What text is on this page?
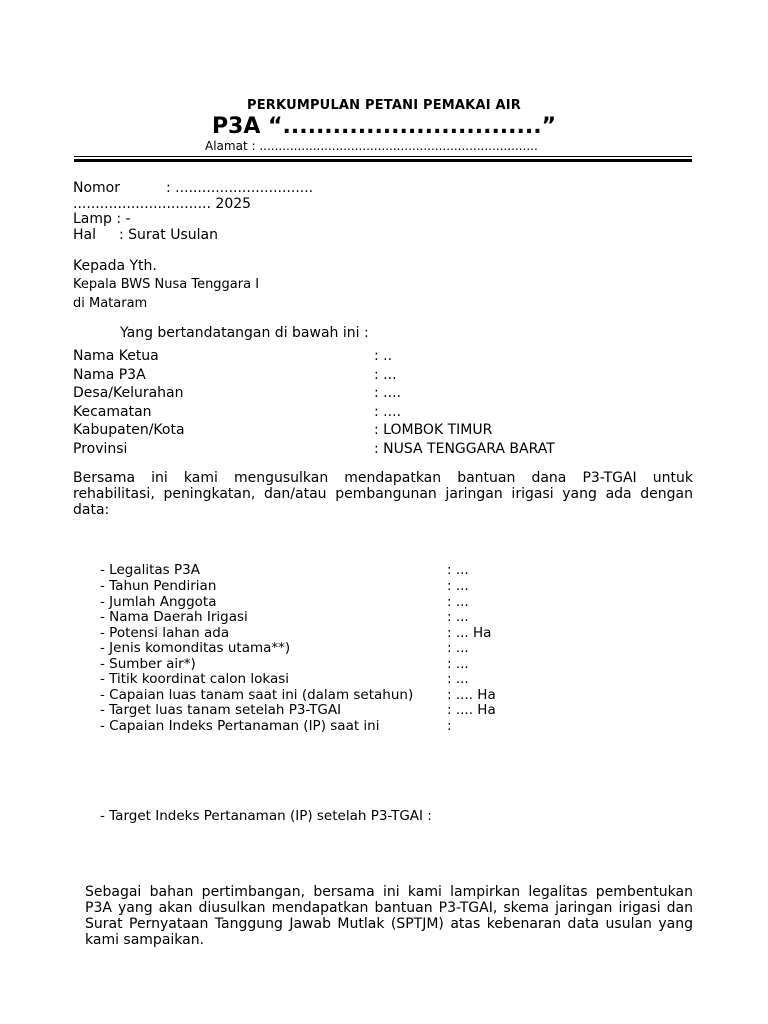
PERKUMPULAN PETANI PEMAKAI AIR
P3A “...............................”
Alamat : .........................................................................
Nomor	: ...............................
............................... 2025
Lamp : -
Hal : Surat Usulan
Kepada Yth.
Kepala BWS Nusa Tenggara I
di Mataram
Yang bertandatangan di bawah ini :
Nama Ketua	: ..
Nama P3A	: ...
Desa/Kelurahan	: ....
Kecamatan	: ....
Kabupaten/Kota	: LOMBOK TIMUR
Provinsi	: NUSA TENGGARA BARAT
Bersama ini kami mengusulkan mendapatkan bantuan dana P3-TGAI untuk
rehabilitasi, peningkatan, dan/atau pembangunan jaringan irigasi yang ada dengan
data:
- Legalitas P3A	: ...
- Tahun Pendirian	: ...
- Jumlah Anggota	: ...
- Nama Daerah Irigasi	: ...
- Potensi lahan ada	: ... Ha
- Jenis komonditas utama**)	: ...
- Sumber air*)	: ...
- Titik koordinat calon lokasi	: ...
- Capaian luas tanam saat ini (dalam setahun)	: .... Ha
- Target luas tanam setelah P3-TGAI	: .... Ha
- Capaian Indeks Pertanaman (IP) saat ini	:
- Target Indeks Pertanaman (IP) setelah P3-TGAI :
Sebagai bahan pertimbangan, bersama ini kami lampirkan legalitas pembentukan
P3A yang akan diusulkan mendapatkan bantuan P3-TGAI, skema jaringan irigasi dan
Surat Pernyataan Tanggung Jawab Mutlak (SPTJM) atas kebenaran data usulan yang
kami sampaikan.
